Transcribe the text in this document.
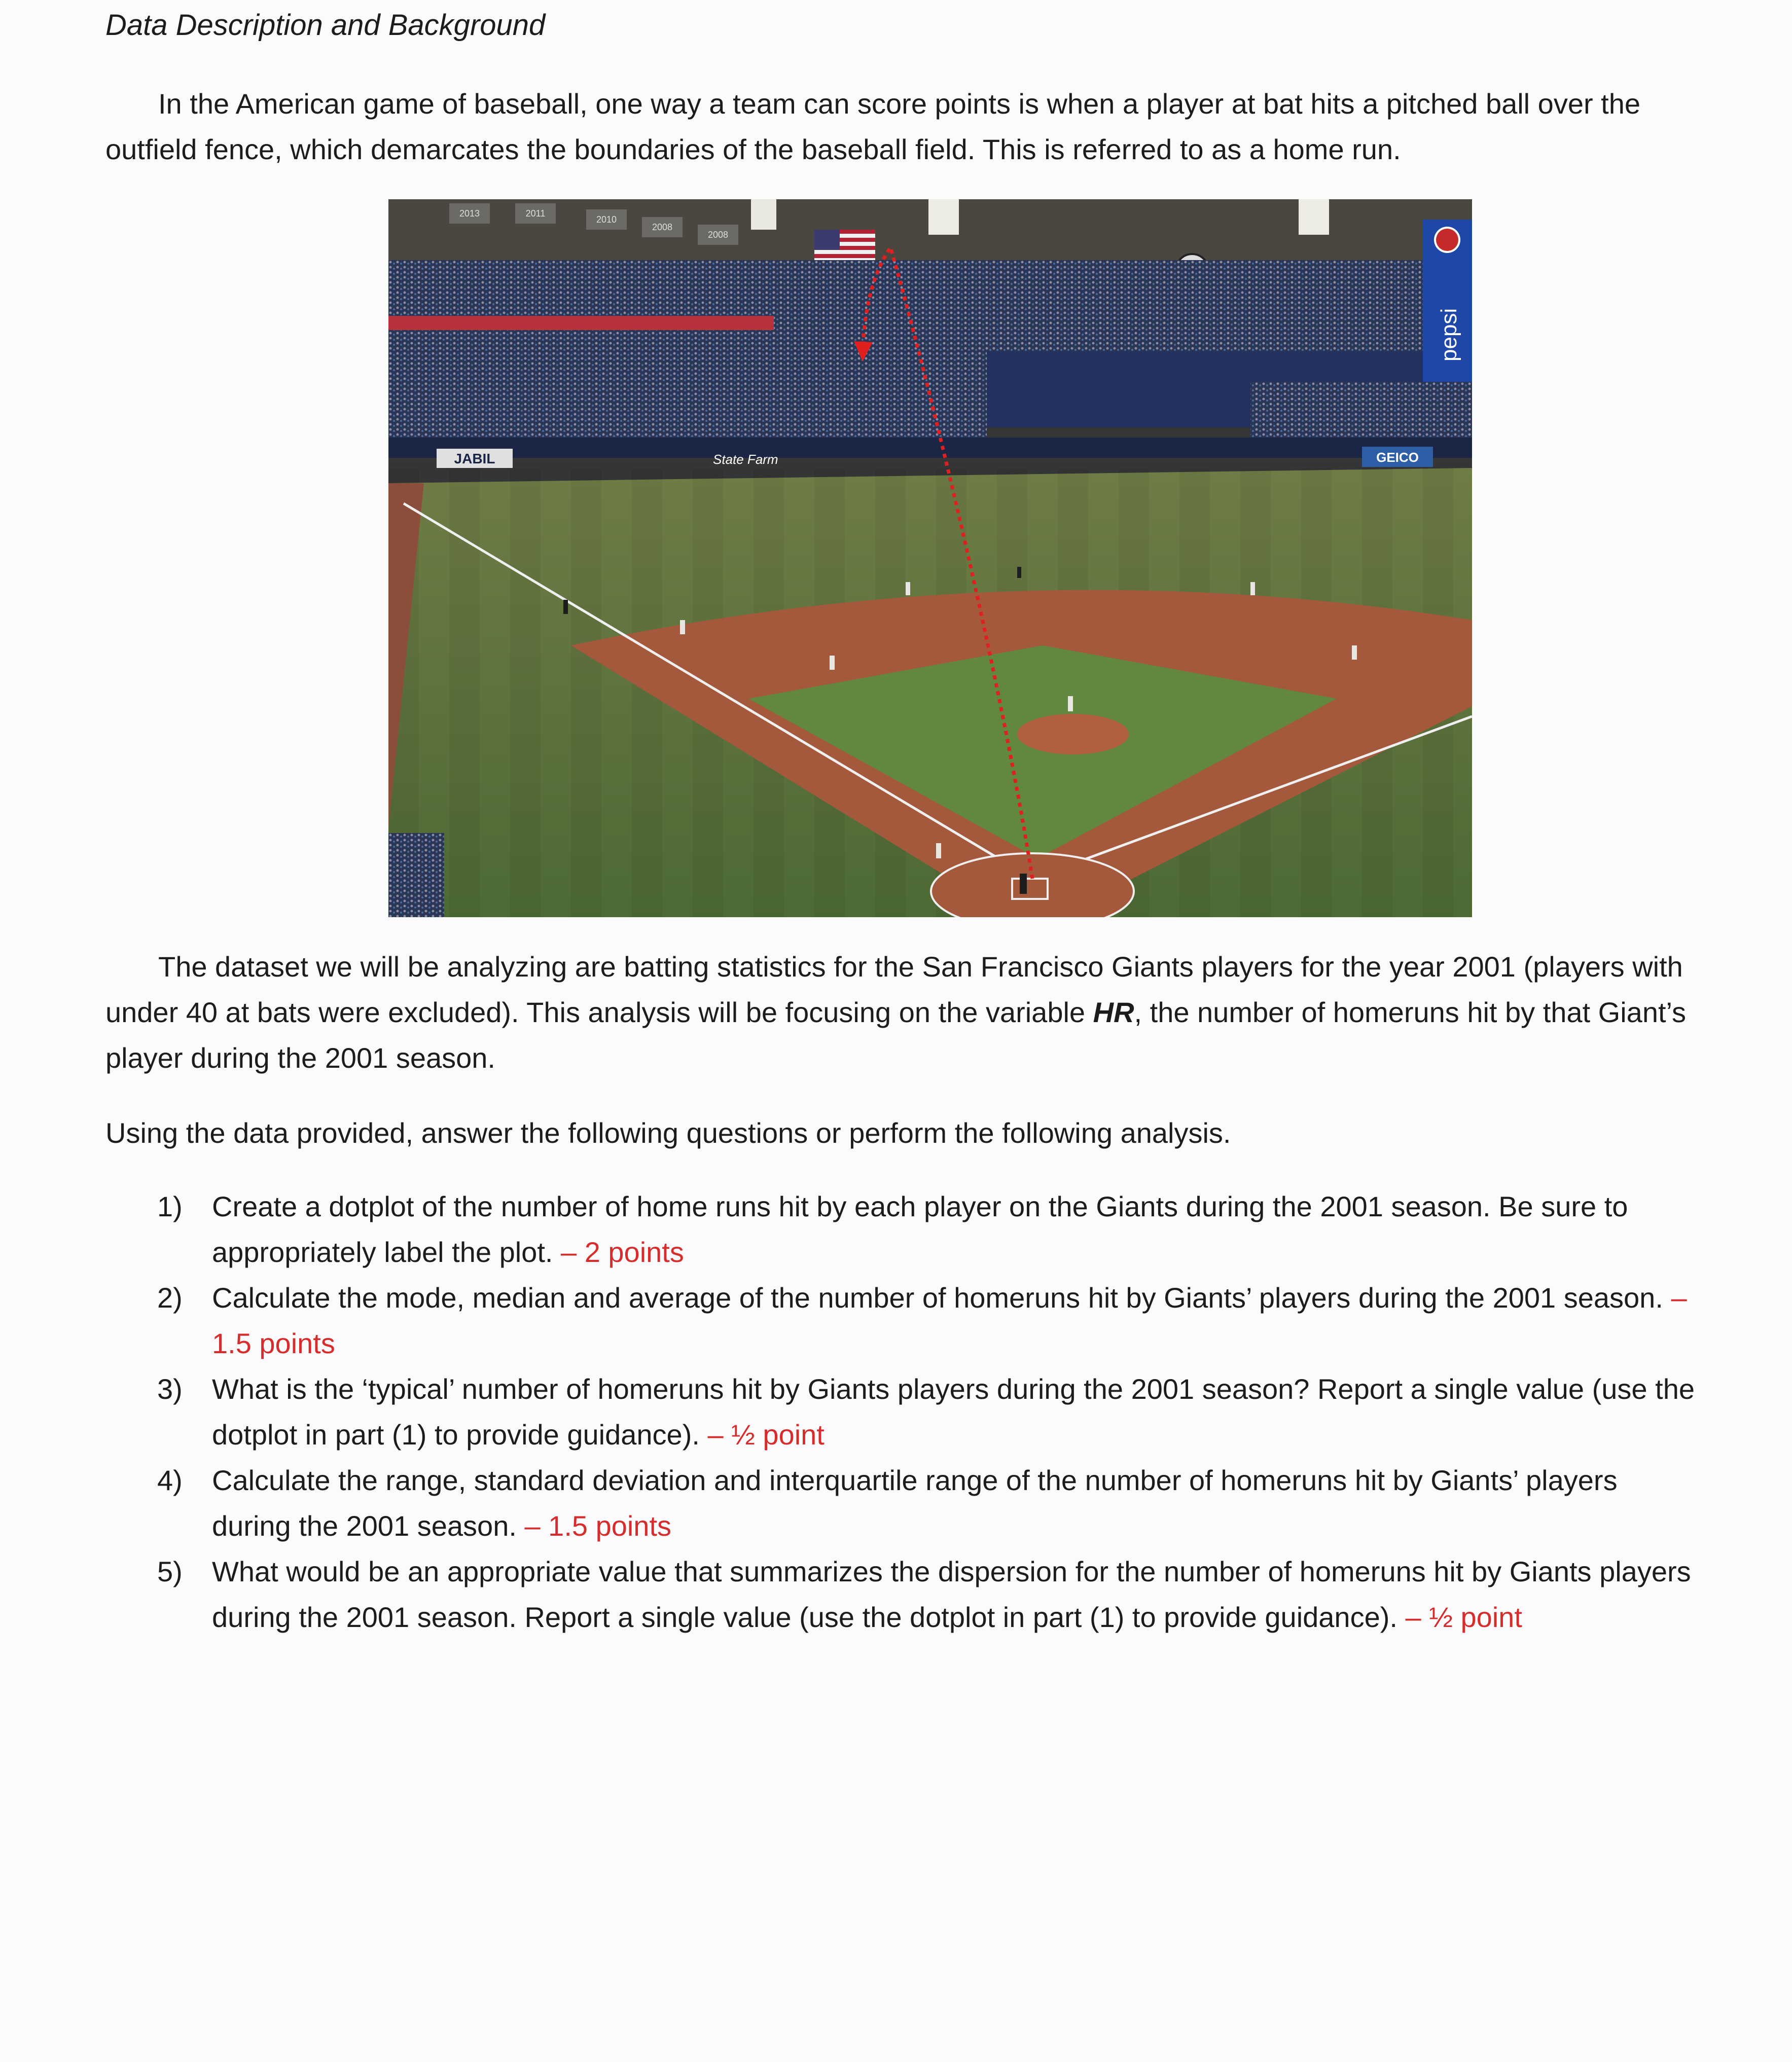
Data Description and Background
In the American game of baseball, one way a team can score points is when a player at bat hits a pitched ball over the outfield fence, which demarcates the boundaries of the baseball field. This is referred to as a home run.
2013	2011
2010
2008
2008
pepsi
JABIL	State Farm	GEICO
The dataset we will be analyzing are batting statistics for the San Francisco Giants players for the year 2001 (players with under 40 at bats were excluded). This analysis will be focusing on the variable HR, the number of homeruns hit by that Giant’s player during the 2001 season.
Using the data provided, answer the following questions or perform the following analysis.
1) Create a dotplot of the number of home runs hit by each player on the Giants during the 2001 season. Be sure to appropriately label the plot. – 2 points
2) Calculate the mode, median and average of the number of homeruns hit by Giants’ players during the 2001 season. – 1.5 points
3) What is the ‘typical’ number of homeruns hit by Giants players during the 2001 season? Report a single value (use the dotplot in part (1) to provide guidance). – ½ point
4) Calculate the range, standard deviation and interquartile range of the number of homeruns hit by Giants’ players during the 2001 season. – 1.5 points
5) What would be an appropriate value that summarizes the dispersion for the number of homeruns hit by Giants players during the 2001 season. Report a single value (use the dotplot in part (1) to provide guidance). – ½ point
